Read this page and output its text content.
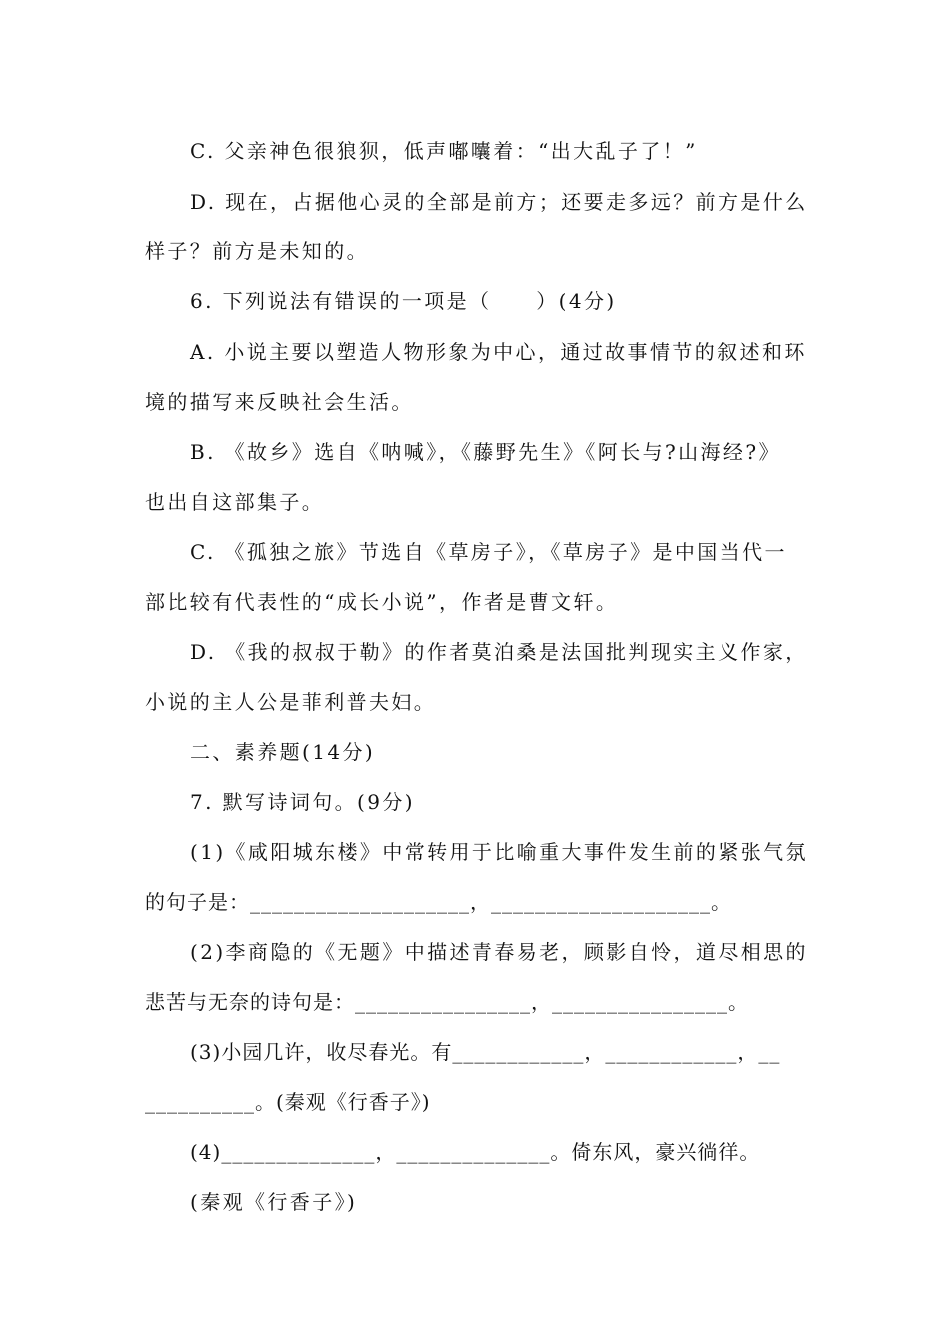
C. 父亲神色很狼狈，低声嘟囔着：“出大乱子了！”

D. 现在，占据他心灵的全部是前方；还要走多远？前方是什么

样子？前方是未知的。

6. 下列说法有错误的一项是（　　）(4分)

A. 小说主要以塑造人物形象为中心，通过故事情节的叙述和环

境的描写来反映社会生活。

B. 《故乡》选自《呐喊》，《藤野先生》《阿长与?山海经?》

也出自这部集子。

C. 《孤独之旅》节选自《草房子》，《草房子》是中国当代一

部比较有代表性的“成长小说”，作者是曹文轩。

D. 《我的叔叔于勒》的作者莫泊桑是法国批判现实主义作家，

小说的主人公是菲利普夫妇。

二、素养题(14分)

7. 默写诗词句。(9分)

(1)《咸阳城东楼》中常转用于比喻重大事件发生前的紧张气氛

的句子是：____________________，____________________。

(2)李商隐的《无题》中描述青春易老，顾影自怜，道尽相思的

悲苦与无奈的诗句是：________________，________________。

(3)小园几许，收尽春光。有____________，____________，__

__________。(秦观《行香子》)

(4)______________，______________。倚东风，豪兴徜徉。

(秦观《行香子》)
